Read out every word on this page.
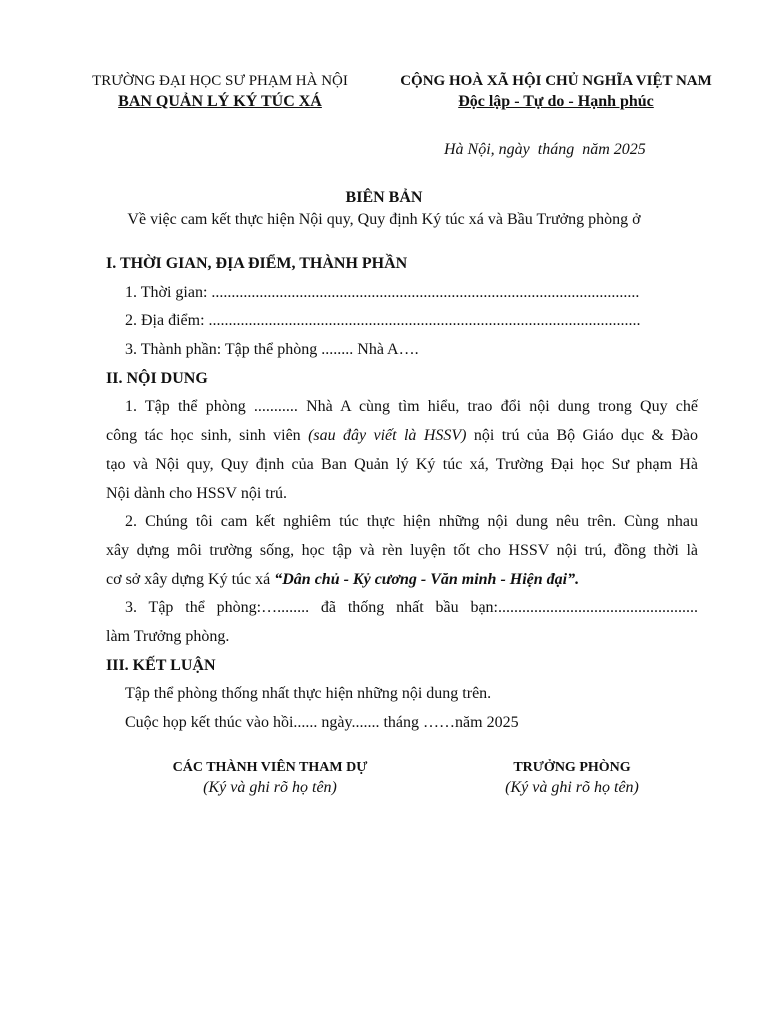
TRƯỜNG ĐẠI HỌC SƯ PHẠM HÀ NỘI
BAN QUẢN LÝ KÝ TÚC XÁ
CỘNG HOÀ XÃ HỘI CHỦ NGHĨA VIỆT NAM
Độc lập - Tự do - Hạnh phúc
Hà Nội, ngày tháng năm 2025
BIÊN BẢN
Về việc cam kết thực hiện Nội quy, Quy định Ký túc xá và Bầu Trưởng phòng ở
I. THỜI GIAN, ĐỊA ĐIỂM, THÀNH PHẦN
1. Thời gian: ...........................................................................................................
2. Địa điểm: ............................................................................................................
3. Thành phần: Tập thể phòng ........ Nhà A….
II. NỘI DUNG
1. Tập thể phòng ........... Nhà A cùng tìm hiểu, trao đổi nội dung trong Quy chế
công tác học sinh, sinh viên (sau đây viết là HSSV) nội trú của Bộ Giáo dục & Đào
tạo và Nội quy, Quy định của Ban Quản lý Ký túc xá, Trường Đại học Sư phạm Hà
Nội dành cho HSSV nội trú.
2. Chúng tôi cam kết nghiêm túc thực hiện những nội dung nêu trên. Cùng nhau
xây dựng môi trường sống, học tập và rèn luyện tốt cho HSSV nội trú, đồng thời là
cơ sở xây dựng Ký túc xá “Dân chủ - Kỷ cương - Văn minh - Hiện đại”.
3. Tập thể phòng:…........ đã thống nhất bầu bạn:..................................................
làm Trưởng phòng.
III. KẾT LUẬN
Tập thể phòng thống nhất thực hiện những nội dung trên.
Cuộc họp kết thúc vào hồi...... ngày....... tháng ……năm 2025
CÁC THÀNH VIÊN THAM DỰ
(Ký và ghi rõ họ tên)
TRƯỞNG PHÒNG
(Ký và ghi rõ họ tên)
